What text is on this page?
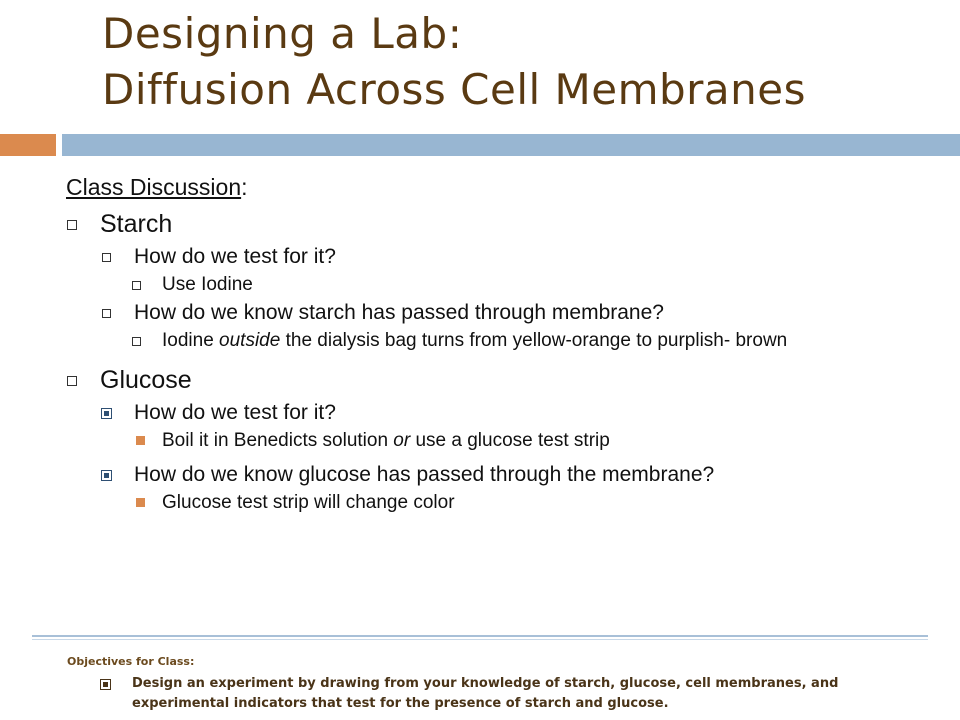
Designing a Lab:
Diffusion Across Cell Membranes
Class Discussion:
Starch
How do we test for it?
Use Iodine
How do we know starch has passed through membrane?
Iodine outside the dialysis bag turns from yellow-orange to purplish- brown
Glucose
How do we test for it?
Boil it in Benedicts solution or use a glucose test strip
How do we know glucose has passed through the membrane?
Glucose test strip will change color
Objectives for Class:
Design an experiment by drawing from your knowledge of starch, glucose, cell membranes, and experimental indicators that test for the presence of starch and glucose.
